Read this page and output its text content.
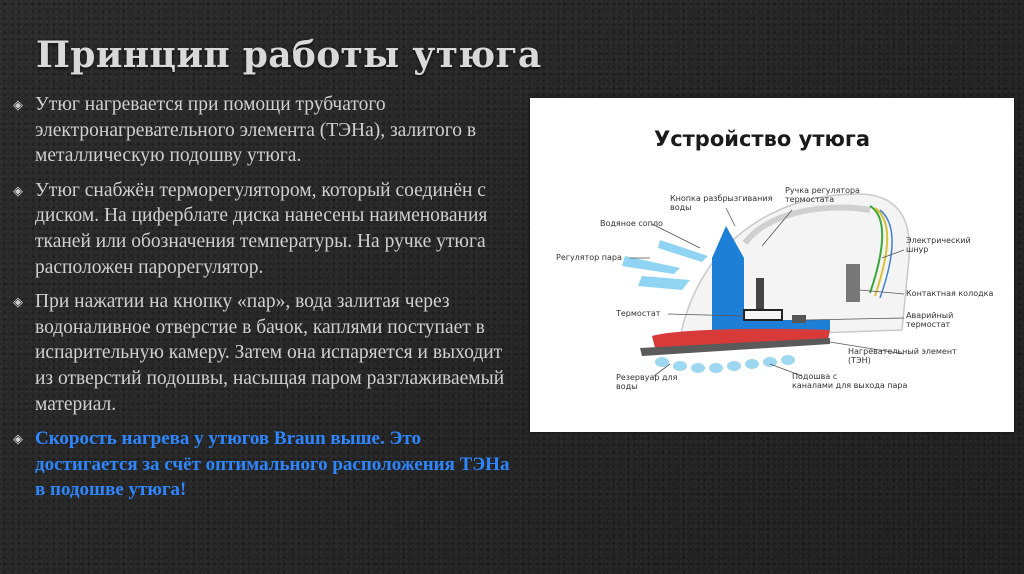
Принцип работы утюга
◈ Утюг нагревается при помощи трубчатого электронагревательного элемента (ТЭНа), залитого в металлическую подошву утюга.
◈ Утюг снабжён терморегулятором, который соединён с диском. На циферблате диска нанесены наименования тканей или обозначения температуры. На ручке утюга расположен парорегулятор.
◈ При нажатии на кнопку «пар», вода залитая через водоналивное отверстие в бачок, каплями поступает в испарительную камеру. Затем она испаряется и выходит из отверстий подошвы, насыщая паром разглаживаемый материал.
◈ Скорость нагрева у утюгов Braun выше. Это достигается за счёт оптимального расположения ТЭНа в подошве утюга!
Устройство утюга
Кнопка разбрызгивания воды
Ручка регулятора термостата
Водяное сопло
Регулятор пара
Электрический шнур
Контактная колодка
Аварийный термостат
Термостат
Нагревательный элемент (ТЭН)
Резервуар для воды
Подошва с каналами для выхода пара
